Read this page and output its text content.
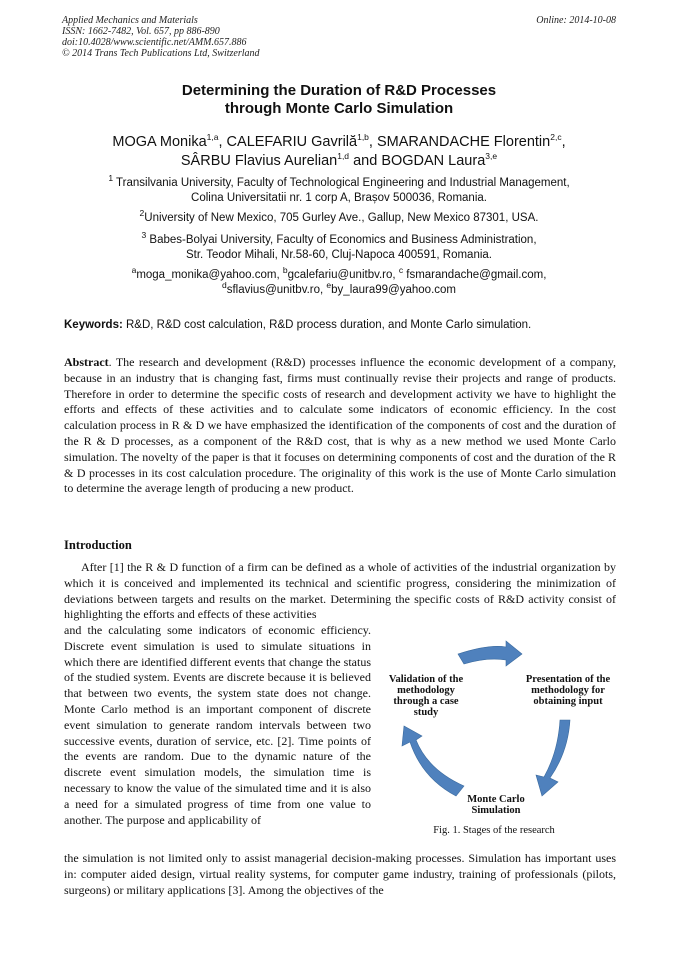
Applied Mechanics and Materials
ISSN: 1662-7482, Vol. 657, pp 886-890
doi:10.4028/www.scientific.net/AMM.657.886
© 2014 Trans Tech Publications Ltd, Switzerland
Online: 2014-10-08
Determining the Duration of R&D Processes
through Monte Carlo Simulation
MOGA Monika$^{1,a}$, CALEFARIU Gavrilă$^{1,b}$, SMARANDACHE Florentin$^{2,c}$,
SÂRBU Flavius Aurelian$^{1,d}$ and BOGDAN Laura$^{3,e}$
$^1$ Transilvania University, Faculty of Technological Engineering and Industrial Management,
Colina Universitatii nr. 1 corp A, Brașov 500036, Romania.
$^2$University of New Mexico, 705 Gurley Ave., Gallup, New Mexico 87301, USA.
$^3$ Babes-Bolyai University, Faculty of Economics and Business Administration,
Str. Teodor Mihali, Nr.58-60, Cluj-Napoca 400591, Romania.
$^a$moga_monika@yahoo.com, $^b$gcalefariu@unitbv.ro, $^c$ fsmarandache@gmail.com,
$^d$sflavius@unitbv.ro, $^e$by_laura99@yahoo.com
Keywords: R&D, R&D cost calculation, R&D process duration, and Monte Carlo simulation.
Abstract. The research and development (R&D) processes influence the economic development of a company, because in an industry that is changing fast, firms must continually revise their projects and range of products. Therefore in order to determine the specific costs of research and development activity we have to highlight the efforts and effects of these activities and to calculate some indicators of economic efficiency. In the cost calculation process in R & D we have emphasized the identification of the components of cost and the duration of the R & D processes, as a component of the R&D cost, that is why as a new method we used Monte Carlo simulation. The novelty of the paper is that it focuses on determining components of cost and the duration of the R & D processes in its cost calculation procedure. The originality of this work is the use of Monte Carlo simulation to determine the average length of producing a new product.
Introduction
After [1] the R & D function of a firm can be defined as a whole of activities of the industrial organization by which it is conceived and implemented its technical and scientific progress, considering the minimization of deviations between targets and results on the market. Determining the specific costs of R&D activity consist of highlighting the efforts and effects of these activities
and the calculating some indicators of economic efficiency. Discrete event simulation is used to simulate situations in which there are identified different events that change the status of the studied system. Events are discrete because it is believed that between two events, the system state does not change. Monte Carlo method is an important component of discrete event simulation to generate random intervals between two successive events, duration of service, etc. [2]. Time points of the events are random. Due to the dynamic nature of the discrete event simulation models, the simulation time is necessary to know the value of the simulated time and it is also a need for a simulated progress of time from one value to another. The purpose and applicability of
the simulation is not limited only to assist managerial decision-making processes. Simulation has important uses in: computer aided design, virtual reality systems, for computer game industry, training of professionals (pilots, surgeons) or military applications [3]. Among the objectives of the
Validation of the methodology through a case study
Presentation of the methodology for obtaining input
Monte Carlo Simulation
Fig. 1. Stages of the research
